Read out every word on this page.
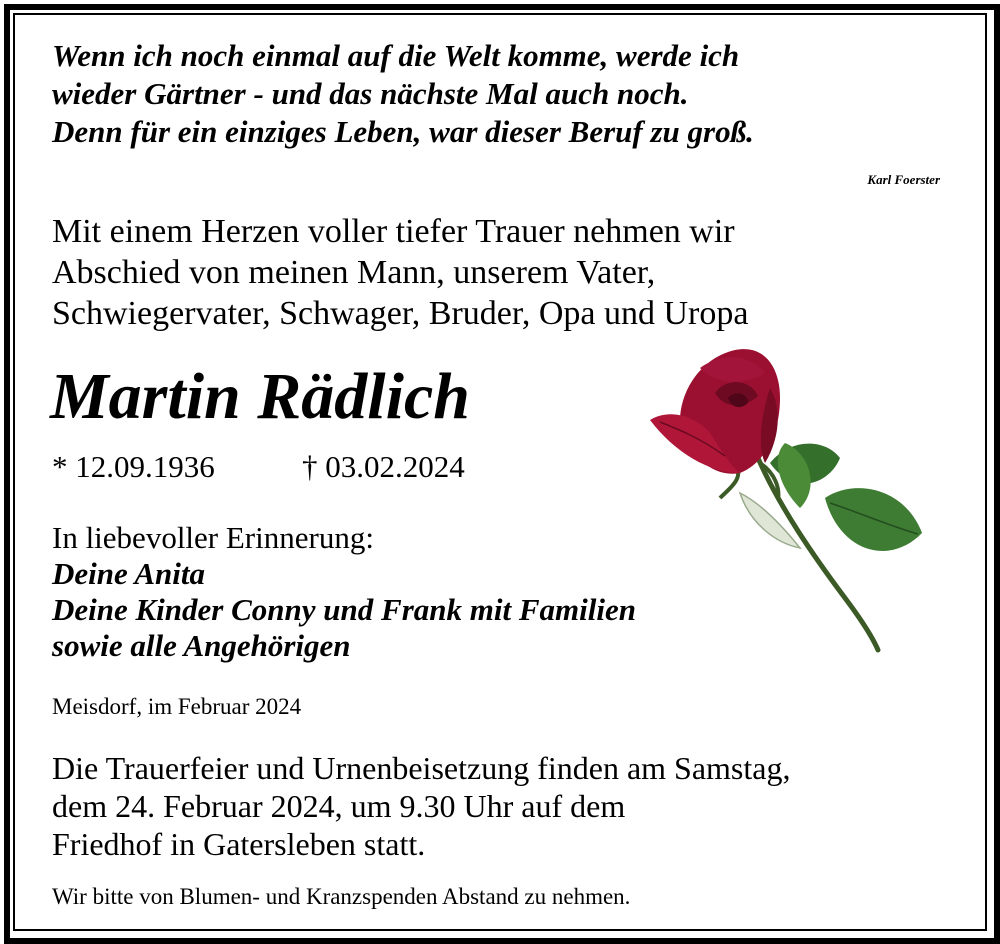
Wenn ich noch einmal auf die Welt komme, werde ich
wieder Gärtner - und das nächste Mal auch noch.
Denn für ein einziges Leben, war dieser Beruf zu groß.
Karl Foerster
Mit einem Herzen voller tiefer Trauer nehmen wir
Abschied von meinen Mann, unserem Vater,
Schwiegervater, Schwager, Bruder, Opa und Uropa
Martin Rädlich
* 12.09.1936	† 03.02.2024
In liebevoller Erinnerung:
Deine Anita
Deine Kinder Conny und Frank mit Familien
sowie alle Angehörigen
Meisdorf, im Februar 2024
Die Trauerfeier und Urnenbeisetzung finden am Samstag,
dem 24. Februar 2024, um 9.30 Uhr auf dem
Friedhof in Gatersleben statt.
Wir bitte von Blumen- und Kranzspenden Abstand zu nehmen.
